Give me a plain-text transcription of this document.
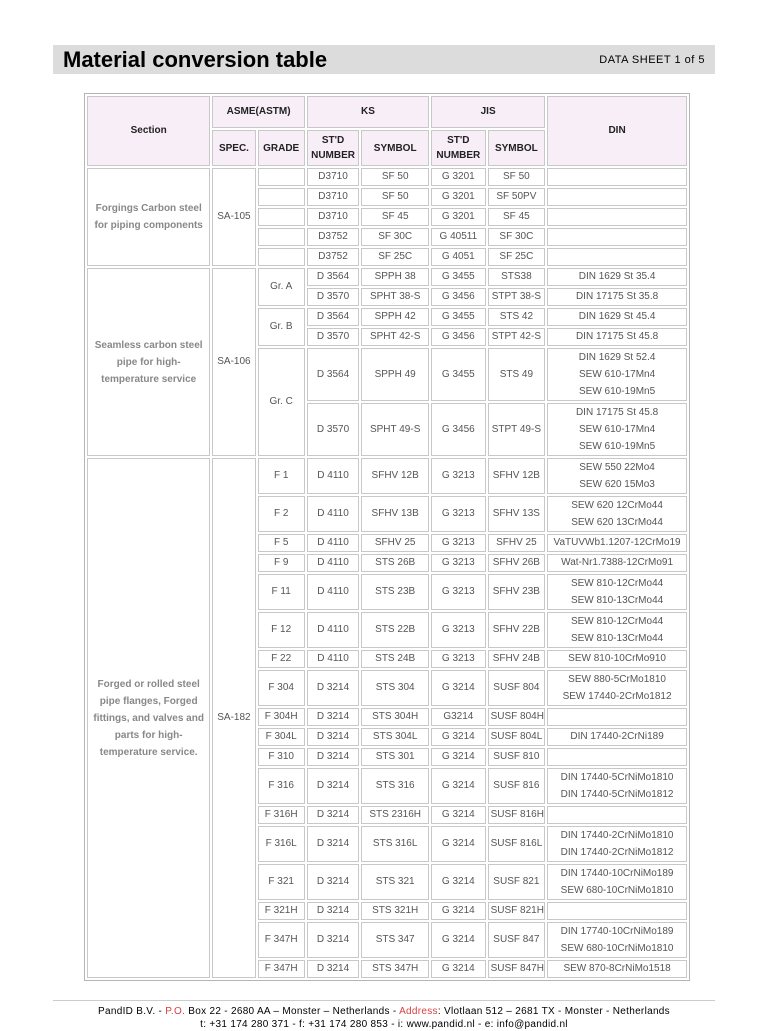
Material conversion table	DATA SHEET 1 of 5
Section	ASME(ASTM)		KS		JIS		DIN
	SPEC.	GRADE	ST'D NUMBER	SYMBOL	ST'D NUMBER	SYMBOL	
Forgings Carbon steel for piping components	SA-105		D3710	SF 50	G 3201	SF 50	
			D3710	SF 50	G 3201	SF 50PV	
			D3710	SF 45	G 3201	SF 45	
			D3752	SF 30C	G 40511	SF 30C	
			D3752	SF 25C	G 4051	SF 25C	
Seamless carbon steel pipe for high-temperature service	SA-106	Gr. A	D 3564	SPPH 38	G 3455	STS38	DIN 1629 St 35.4
			D 3570	SPHT 38-S	G 3456	STPT 38-S	DIN 17175 St 35.8
		Gr. B	D 3564	SPPH 42	G 3455	STS 42	DIN 1629 St 45.4
			D 3570	SPHT 42-S	G 3456	STPT 42-S	DIN 17175 St 45.8
		Gr. C	D 3564	SPPH 49	G 3455	STS 49	DIN 1629 St 52.4
SEW 610-17Mn4
SEW 610-19Mn5

			D 3570	SPHT 49-S	G 3456	STPT 49-S	DIN 17175 St 45.8
SEW 610-17Mn4
SEW 610-19Mn5

Forged or rolled steel pipe flanges, Forged fittings, and valves and parts for high-temperature service.	SA-182	F 1	D 4110	SFHV 12B	G 3213	SFHV 12B	SEW 550 22Mo4
SEW 620 15Mo3

		F 2	D 4110	SFHV 13B	G 3213	SFHV 13S	SEW 620 12CrMo44
SEW 620 13CrMo44

		F 5	D 4110	SFHV 25	G 3213	SFHV 25	VaTUVWb1.1207-12CrMo19
		F 9	D 4110	STS 26B	G 3213	SFHV 26B	Wat-Nr1.7388-12CrMo91
		F 11	D 4110	STS 23B	G 3213	SFHV 23B	SEW 810-12CrMo44
SEW 810-13CrMo44

		F 12	D 4110	STS 22B	G 3213	SFHV 22B	SEW 810-12CrMo44
SEW 810-13CrMo44

		F 22	D 4110	STS 24B	G 3213	SFHV 24B	SEW 810-10CrMo910
		F 304	D 3214	STS 304	G 3214	SUSF 804	SEW 880-5CrMo1810
SEW 17440-2CrMo1812

		F 304H	D 3214	STS 304H	G3214	SUSF 804H	
		F 304L	D 3214	STS 304L	G 3214	SUSF 804L	DIN 17440-2CrNi189
		F 310	D 3214	STS 301	G 3214	SUSF 810	
		F 316	D 3214	STS 316	G 3214	SUSF 816	DIN 17440-5CrNiMo1810
DIN 17440-5CrNiMo1812

		F 316H	D 3214	STS 2316H	G 3214	SUSF 816H	
		F 316L	D 3214	STS 316L	G 3214	SUSF 816L	DIN 17440-2CrNiMo1810
DIN 17440-2CrNiMo1812

		F 321	D 3214	STS 321	G 3214	SUSF 821	DIN 17440-10CrNiMo189
SEW 680-10CrNiMo1810

		F 321H	D 3214	STS 321H	G 3214	SUSF 821H	
		F 347H	D 3214	STS 347	G 3214	SUSF 847	DIN 17740-10CrNiMo189
SEW 680-10CrNiMo1810

		F 347H	D 3214	STS 347H	G 3214	SUSF 847H	SEW 870-8CrNiMo1518
PandID B.V. - P.O. Box 22 - 2680 AA – Monster – Netherlands - Address: Vlotlaan 512 – 2681 TX - Monster - Netherlands
t: +31 174 280 371 - f: +31 174 280 853 - i: www.pandid.nl - e: info@pandid.nl
